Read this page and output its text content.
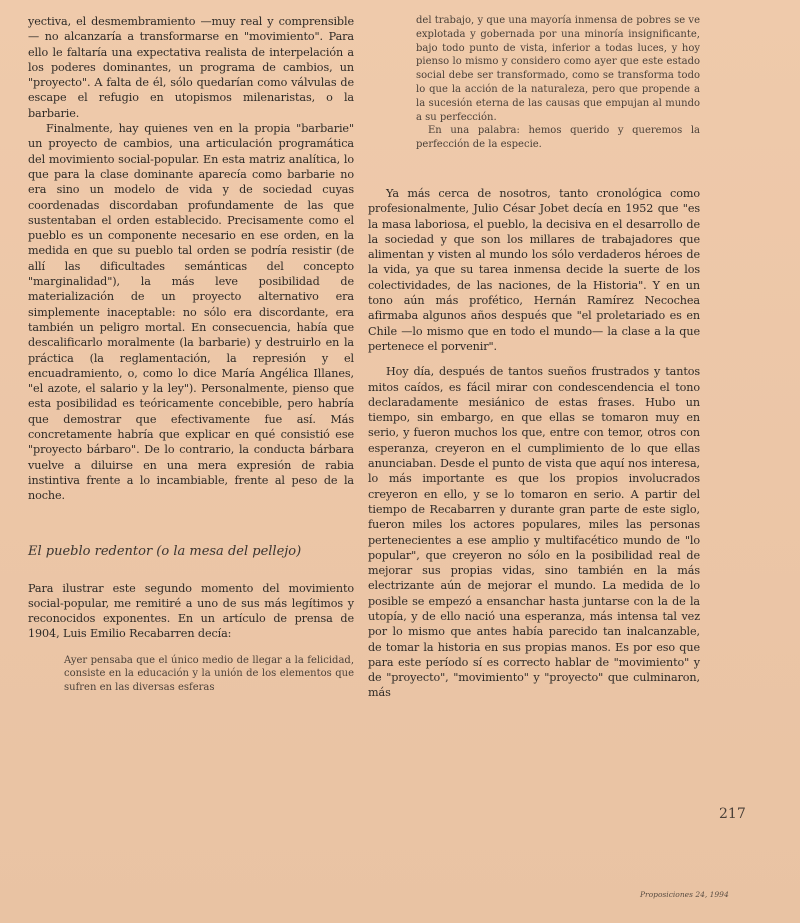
yectiva, el desmembramiento —muy real y comprensible— no alcanzaría a transformarse en "movimiento". Para ello le faltaría una expectativa realista de interpelación a los poderes dominantes, un programa de cambios, un "proyecto". A falta de él, sólo quedarían como válvulas de escape el refugio en utopismos milenaristas, o la barbarie.

Finalmente, hay quienes ven en la propia "barbarie" un proyecto de cambios, una articulación programática del movimiento social-popular. En esta matriz analítica, lo que para la clase dominante aparecía como barbarie no era sino un modelo de vida y de sociedad cuyas coordenadas discordaban profundamente de las que sustentaban el orden establecido. Precisamente como el pueblo es un componente necesario en ese orden, en la medida en que su pueblo tal orden se podría resistir (de allí las dificultades semánticas del concepto "marginalidad"), la más leve posibilidad de materialización de un proyecto alternativo era simplemente inaceptable: no sólo era discordante, era también un peligro mortal. En consecuencia, había que descalificarlo moralmente (la barbarie) y destruirlo en la práctica (la reglamentación, la represión y el encuadramiento, o, como lo dice María Angélica Illanes, "el azote, el salario y la ley"). Personalmente, pienso que esta posibilidad es teóricamente concebible, pero habría que demostrar que efectivamente fue así. Más concretamente habría que explicar en qué consistió ese "proyecto bárbaro". De lo contrario, la conducta bárbara vuelve a diluirse en una mera expresión de rabia instintiva frente a lo incambiable, frente al peso de la noche.

El pueblo redentor (o la mesa del pellejo)

Para ilustrar este segundo momento del movimiento social-popular, me remitiré a uno de sus más legítimos y reconocidos exponentes. En un artículo de prensa de 1904, Luis Emilio Recabarren decía:

Ayer pensaba que el único medio de llegar a la felicidad, consiste en la educación y la unión de los elementos que sufren en las diversas esferas

del trabajo, y que una mayoría inmensa de pobres se ve explotada y gobernada por una minoría insignificante, bajo todo punto de vista, inferior a todas luces, y hoy pienso lo mismo y considero como ayer que este estado social debe ser transformado, como se transforma todo lo que la acción de la naturaleza, pero que propende a la sucesión eterna de las causas que empujan al mundo a su perfección.

En una palabra: hemos querido y queremos la perfección de la especie.

Ya más cerca de nosotros, tanto cronológica como profesionalmente, Julio César Jobet decía en 1952 que "es la masa laboriosa, el pueblo, la decisiva en el desarrollo de la sociedad y que son los millares de trabajadores que alimentan y visten al mundo los sólo verdaderos héroes de la vida, ya que su tarea inmensa decide la suerte de los colectividades, de las naciones, de la Historia". Y en un tono aún más profético, Hernán Ramírez Necochea afirmaba algunos años después que "el proletariado es en Chile —lo mismo que en todo el mundo— la clase a la que pertenece el porvenir".

Hoy día, después de tantos sueños frustrados y tantos mitos caídos, es fácil mirar con condescendencia el tono declaradamente mesiánico de estas frases. Hubo un tiempo, sin embargo, en que ellas se tomaron muy en serio, y fueron muchos los que, entre con temor, otros con esperanza, creyeron en el cumplimiento de lo que ellas anunciaban. Desde el punto de vista que aquí nos interesa, lo más importante es que los propios involucrados creyeron en ello, y se lo tomaron en serio. A partir del tiempo de Recabarren y durante gran parte de este siglo, fueron miles los actores populares, miles las personas pertenecientes a ese amplio y multifacético mundo de "lo popular", que creyeron no sólo en la posibilidad real de mejorar sus propias vidas, sino también en la más electrizante aún de mejorar el mundo. La medida de lo posible se empezó a ensanchar hasta juntarse con la de la utopía, y de ello nació una esperanza, más intensa tal vez por lo mismo que antes había parecido tan inalcanzable, de tomar la historia en sus propias manos. Es por eso que para este período sí es correcto hablar de "movimiento" y de "proyecto", "movimiento" y "proyecto" que culminaron, más

217
Proposiciones 24, 1994
